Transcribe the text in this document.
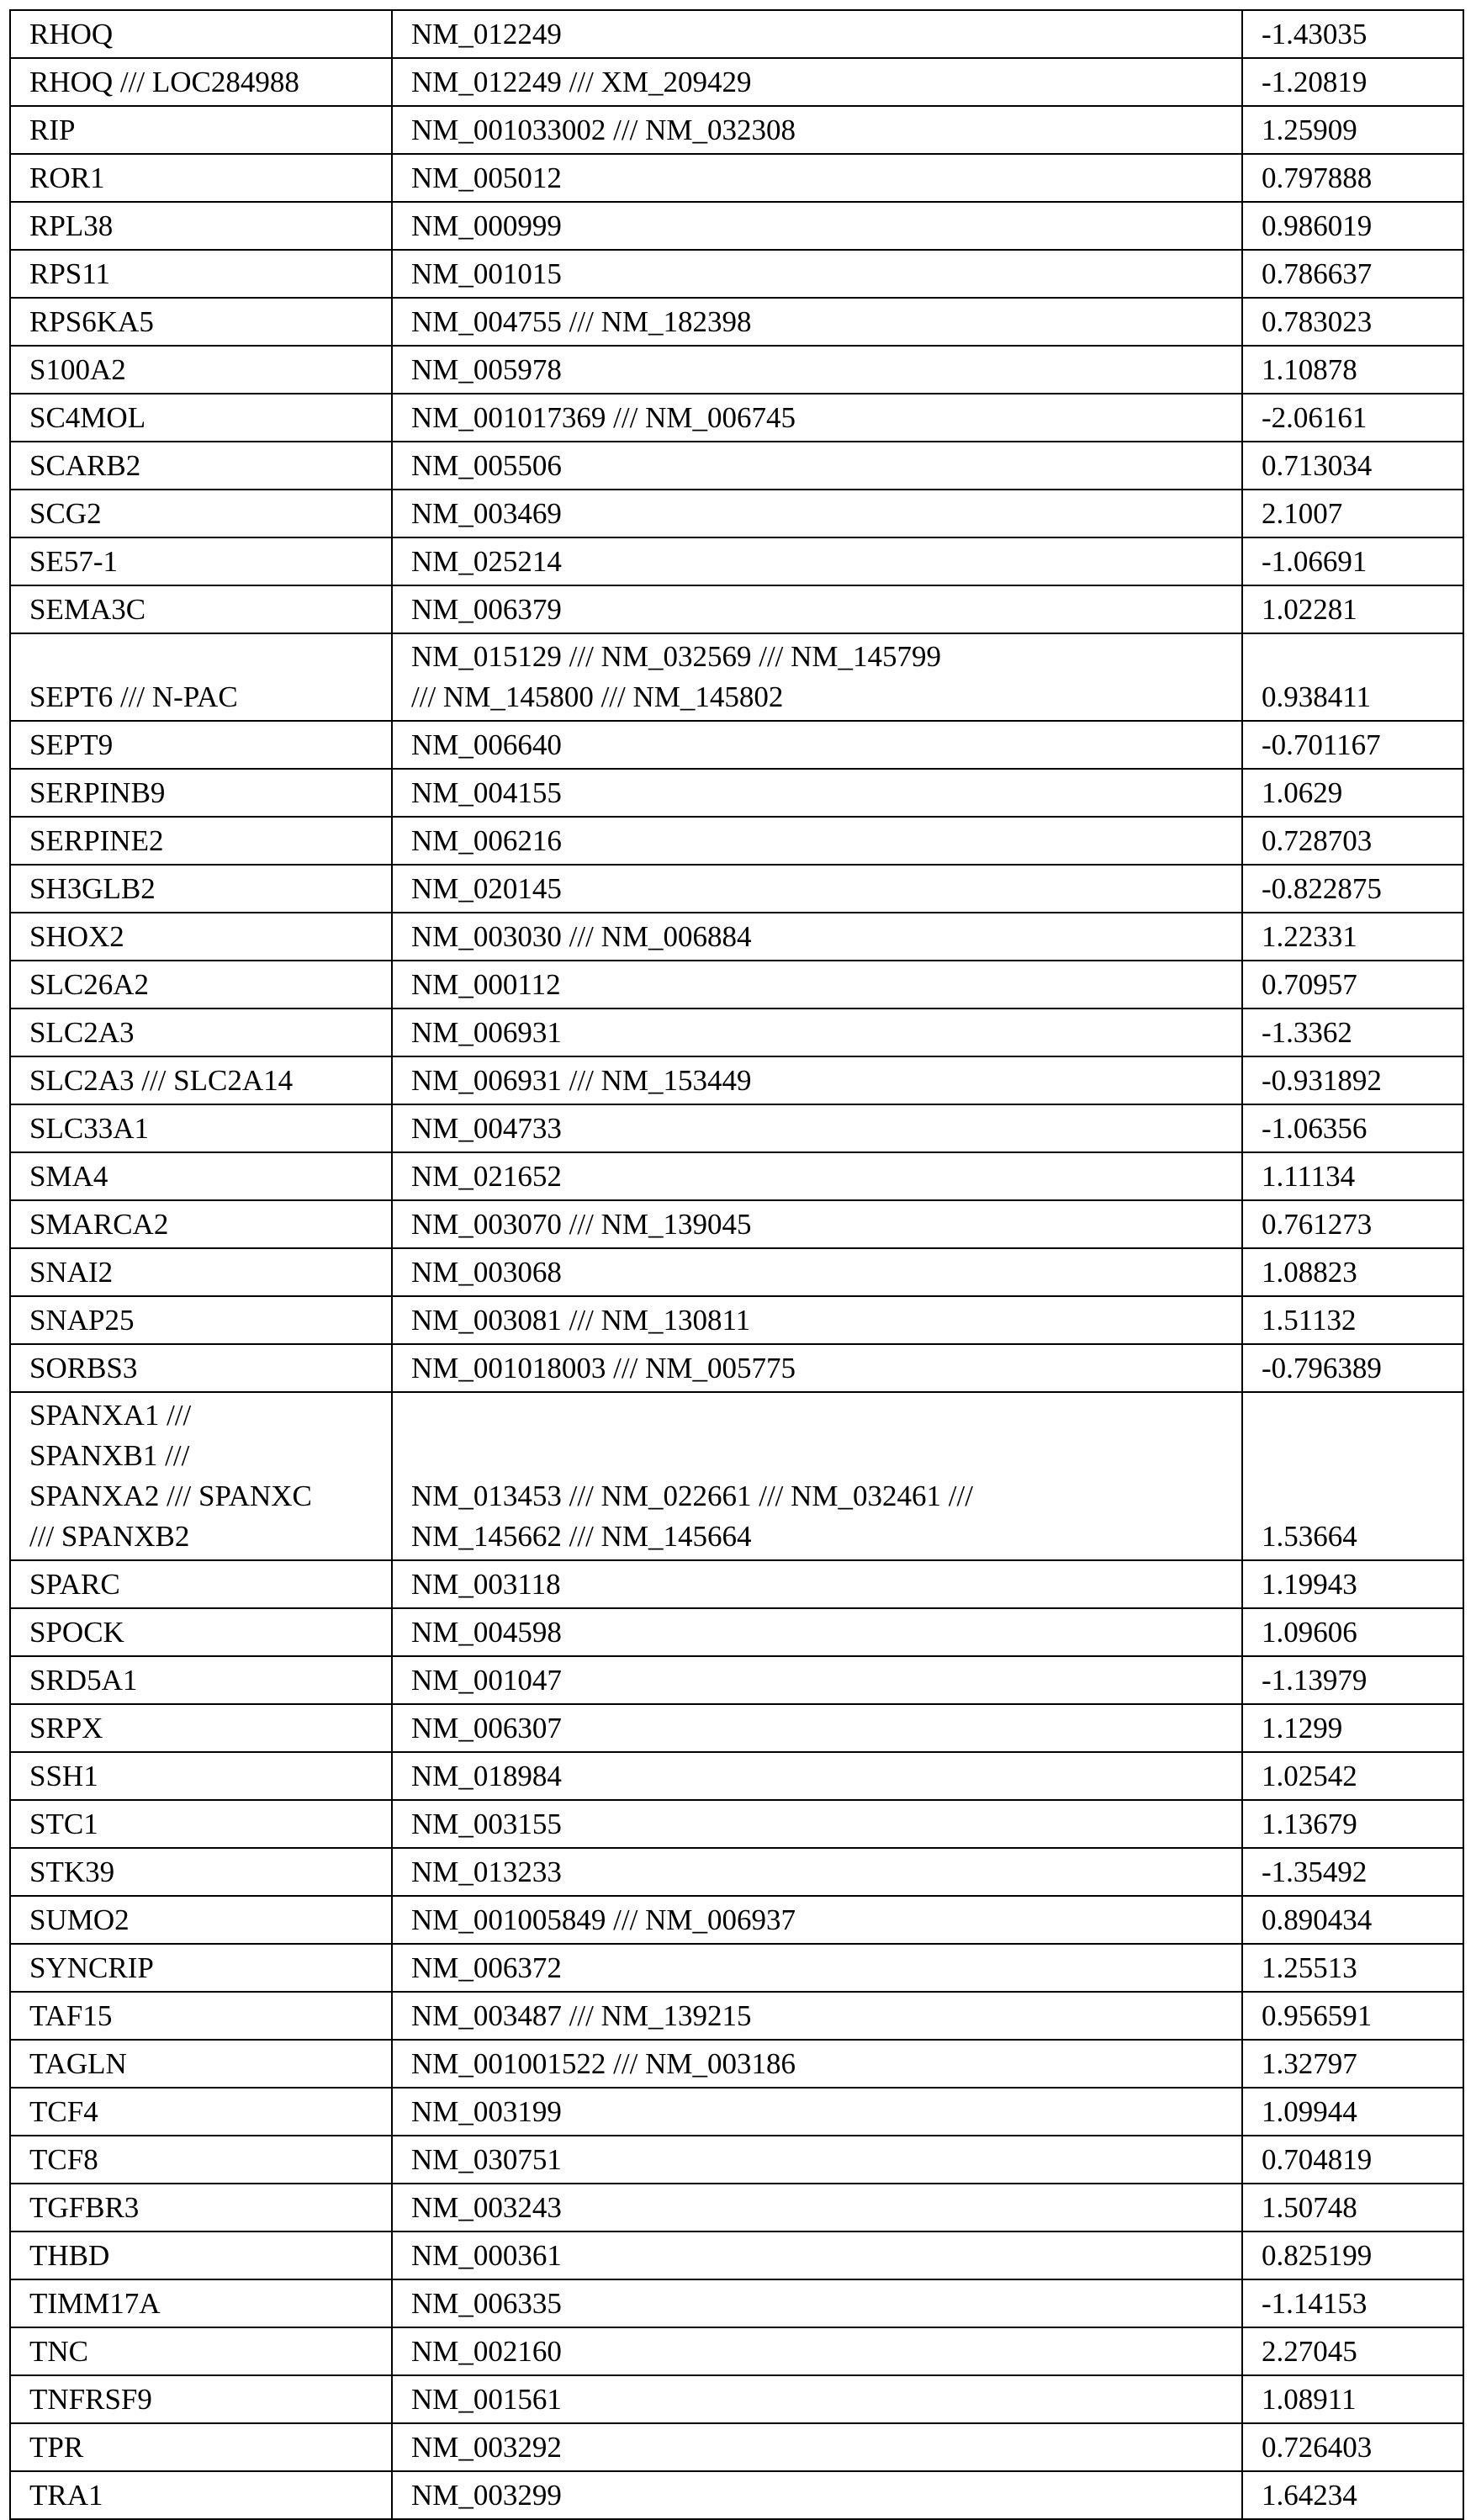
RHOQ	NM_012249	-1.43035

RHOQ /// LOC284988	NM_012249 /// XM_209429	-1.20819

RIP	NM_001033002 /// NM_032308	1.25909

ROR1	NM_005012	0.797888

RPL38	NM_000999	0.986019

RPS11	NM_001015	0.786637

RPS6KA5	NM_004755 /// NM_182398	0.783023

S100A2	NM_005978	1.10878

SC4MOL	NM_001017369 /// NM_006745	-2.06161

SCARB2	NM_005506	0.713034

SCG2	NM_003469	2.1007

SE57-1	NM_025214	-1.06691

SEMA3C	NM_006379	1.02281

SEPT6 /// N-PAC	NM_015129 /// NM_032569 /// NM_145799
/// NM_145800 /// NM_145802	0.938411

SEPT9	NM_006640	-0.701167

SERPINB9	NM_004155	1.0629

SERPINE2	NM_006216	0.728703

SH3GLB2	NM_020145	-0.822875

SHOX2	NM_003030 /// NM_006884	1.22331

SLC26A2	NM_000112	0.70957

SLC2A3	NM_006931	-1.3362

SLC2A3 /// SLC2A14	NM_006931 /// NM_153449	-0.931892

SLC33A1	NM_004733	-1.06356

SMA4	NM_021652	1.11134

SMARCA2	NM_003070 /// NM_139045	0.761273

SNAI2	NM_003068	1.08823

SNAP25	NM_003081 /// NM_130811	1.51132

SORBS3	NM_001018003 /// NM_005775	-0.796389

SPANXA1 ///
SPANXB1 ///
SPANXA2 /// SPANXC
/// SPANXB2	NM_013453 /// NM_022661 /// NM_032461 ///
NM_145662 /// NM_145664	1.53664

SPARC	NM_003118	1.19943

SPOCK	NM_004598	1.09606

SRD5A1	NM_001047	-1.13979

SRPX	NM_006307	1.1299

SSH1	NM_018984	1.02542

STC1	NM_003155	1.13679

STK39	NM_013233	-1.35492

SUMO2	NM_001005849 /// NM_006937	0.890434

SYNCRIP	NM_006372	1.25513

TAF15	NM_003487 /// NM_139215	0.956591

TAGLN	NM_001001522 /// NM_003186	1.32797

TCF4	NM_003199	1.09944

TCF8	NM_030751	0.704819

TGFBR3	NM_003243	1.50748

THBD	NM_000361	0.825199

TIMM17A	NM_006335	-1.14153

TNC	NM_002160	2.27045

TNFRSF9	NM_001561	1.08911

TPR	NM_003292	0.726403

TRA1	NM_003299	1.64234
